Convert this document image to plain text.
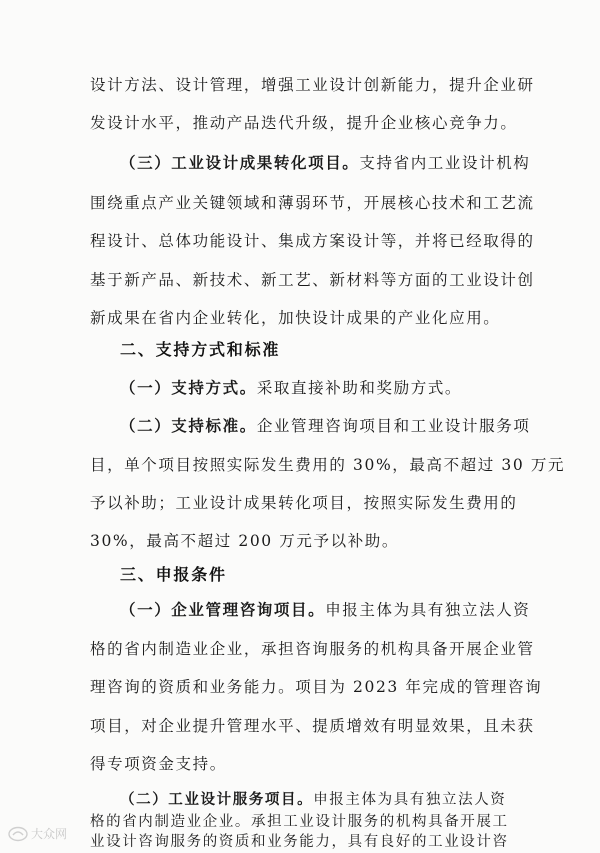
设计方法、设计管理，增强工业设计创新能力，提升企业研
发设计水平，推动产品迭代升级，提升企业核心竞争力。
（三）工业设计成果转化项目。支持省内工业设计机构
围绕重点产业关键领域和薄弱环节，开展核心技术和工艺流
程设计、总体功能设计、集成方案设计等，并将已经取得的
基于新产品、新技术、新工艺、新材料等方面的工业设计创
新成果在省内企业转化，加快设计成果的产业化应用。
二、支持方式和标准
（一）支持方式。采取直接补助和奖励方式。
（二）支持标准。企业管理咨询项目和工业设计服务项
目，单个项目按照实际发生费用的 30%，最高不超过 30 万元
予以补助；工业设计成果转化项目，按照实际发生费用的
30%，最高不超过 200 万元予以补助。
三、申报条件
（一）企业管理咨询项目。申报主体为具有独立法人资
格的省内制造业企业，承担咨询服务的机构具备开展企业管
理咨询的资质和业务能力。项目为 2023 年完成的管理咨询
项目，对企业提升管理水平、提质增效有明显效果，且未获
得专项资金支持。
（二）工业设计服务项目。申报主体为具有独立法人资
格的省内制造业企业。承担工业设计服务的机构具备开展工
业设计咨询服务的资质和业务能力，具有良好的工业设计咨
大众网
